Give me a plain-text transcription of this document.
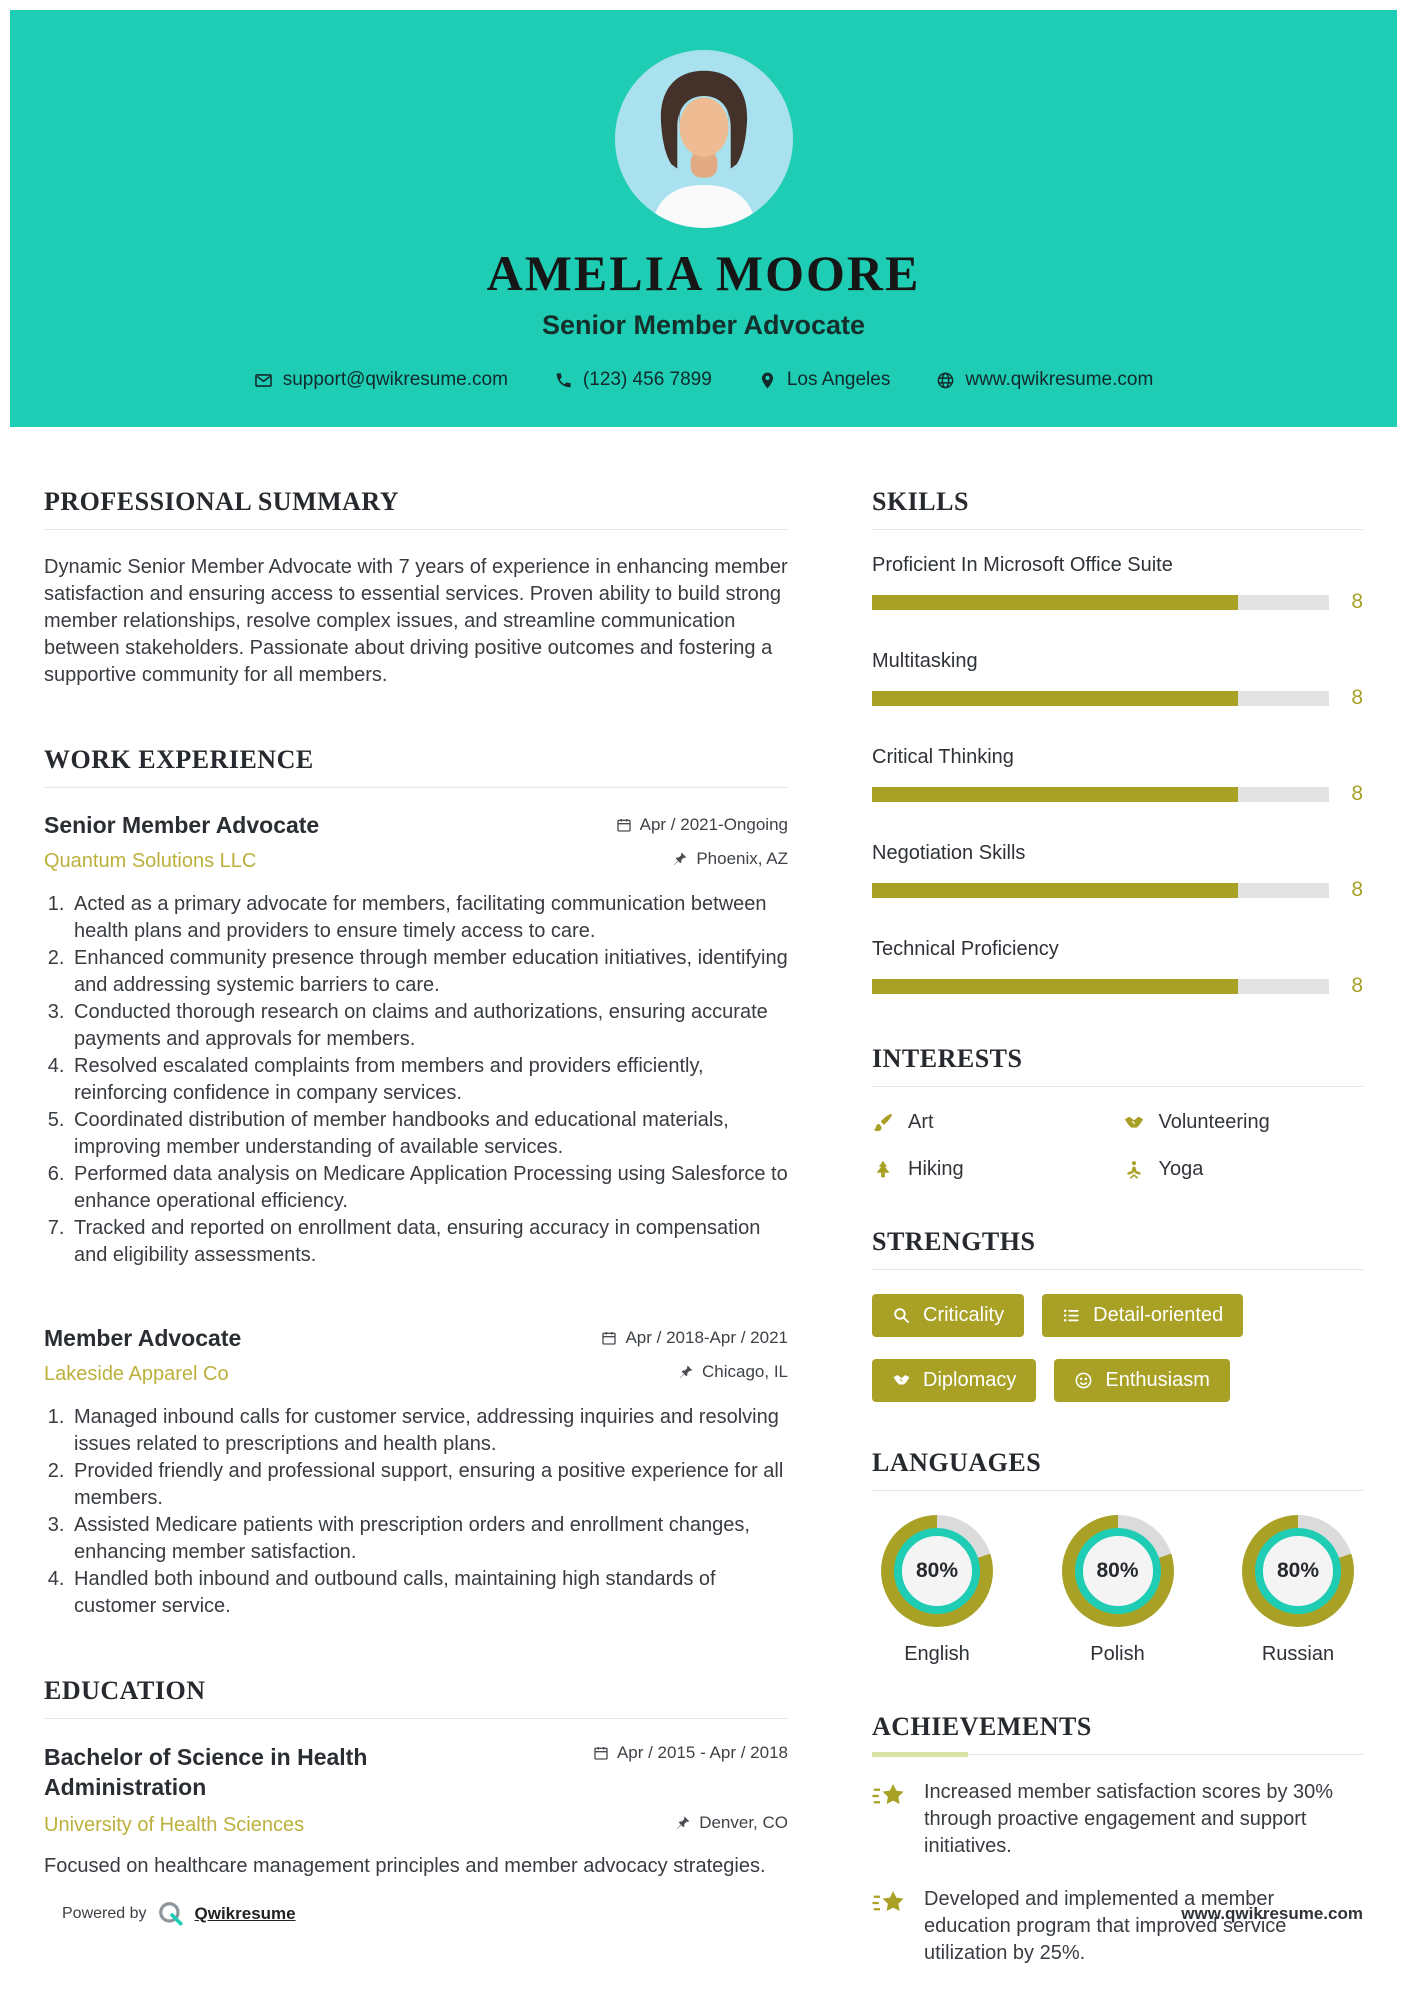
AMELIA MOORE
Senior Member Advocate
support@qwikresume.com	(123) 456 7899	Los Angeles	www.qwikresume.com
PROFESSIONAL SUMMARY

Dynamic Senior Member Advocate with 7 years of experience in enhancing member satisfaction and ensuring access to essential services. Proven ability to build strong member relationships, resolve complex issues, and streamline communication between stakeholders. Passionate about driving positive outcomes and fostering a supportive community for all members.

WORK EXPERIENCE
Senior Member Advocate	Apr / 2021-Ongoing
Quantum Solutions LLC	Phoenix, AZ
1. Acted as a primary advocate for members, facilitating communication between health plans and providers to ensure timely access to care.
2. Enhanced community presence through member education initiatives, identifying and addressing systemic barriers to care.
3. Conducted thorough research on claims and authorizations, ensuring accurate payments and approvals for members.
4. Resolved escalated complaints from members and providers efficiently, reinforcing confidence in company services.
5. Coordinated distribution of member handbooks and educational materials, improving member understanding of available services.
6. Performed data analysis on Medicare Application Processing using Salesforce to enhance operational efficiency.
7. Tracked and reported on enrollment data, ensuring accuracy in compensation and eligibility assessments.
Member Advocate	Apr / 2018-Apr / 2021
Lakeside Apparel Co	Chicago, IL
1. Managed inbound calls for customer service, addressing inquiries and resolving issues related to prescriptions and health plans.
2. Provided friendly and professional support, ensuring a positive experience for all members.
3. Assisted Medicare patients with prescription orders and enrollment changes, enhancing member satisfaction.
4. Handled both inbound and outbound calls, maintaining high standards of customer service.
EDUCATION
Bachelor of Science in Health Administration
Apr / 2015 - Apr / 2018
University of Health Sciences	Denver, CO

Focused on healthcare management principles and member advocacy strategies.

SKILLS
Proficient In Microsoft Office Suite
8
Multitasking
8
Critical Thinking
8
Negotiation Skills
8
Technical Proficiency
8
INTERESTS
Art	Volunteering
Hiking	Yoga
STRENGTHS
Criticality	Detail-oriented
Diplomacy	Enthusiasm
LANGUAGES
80%
English
80%
Polish
80%
Russian
ACHIEVEMENTS
Increased member satisfaction scores by 30% through proactive engagement and support initiatives.
Developed and implemented a member education program that improved service utilization by 25%.
Powered by	Qwikresume	www.qwikresume.com
